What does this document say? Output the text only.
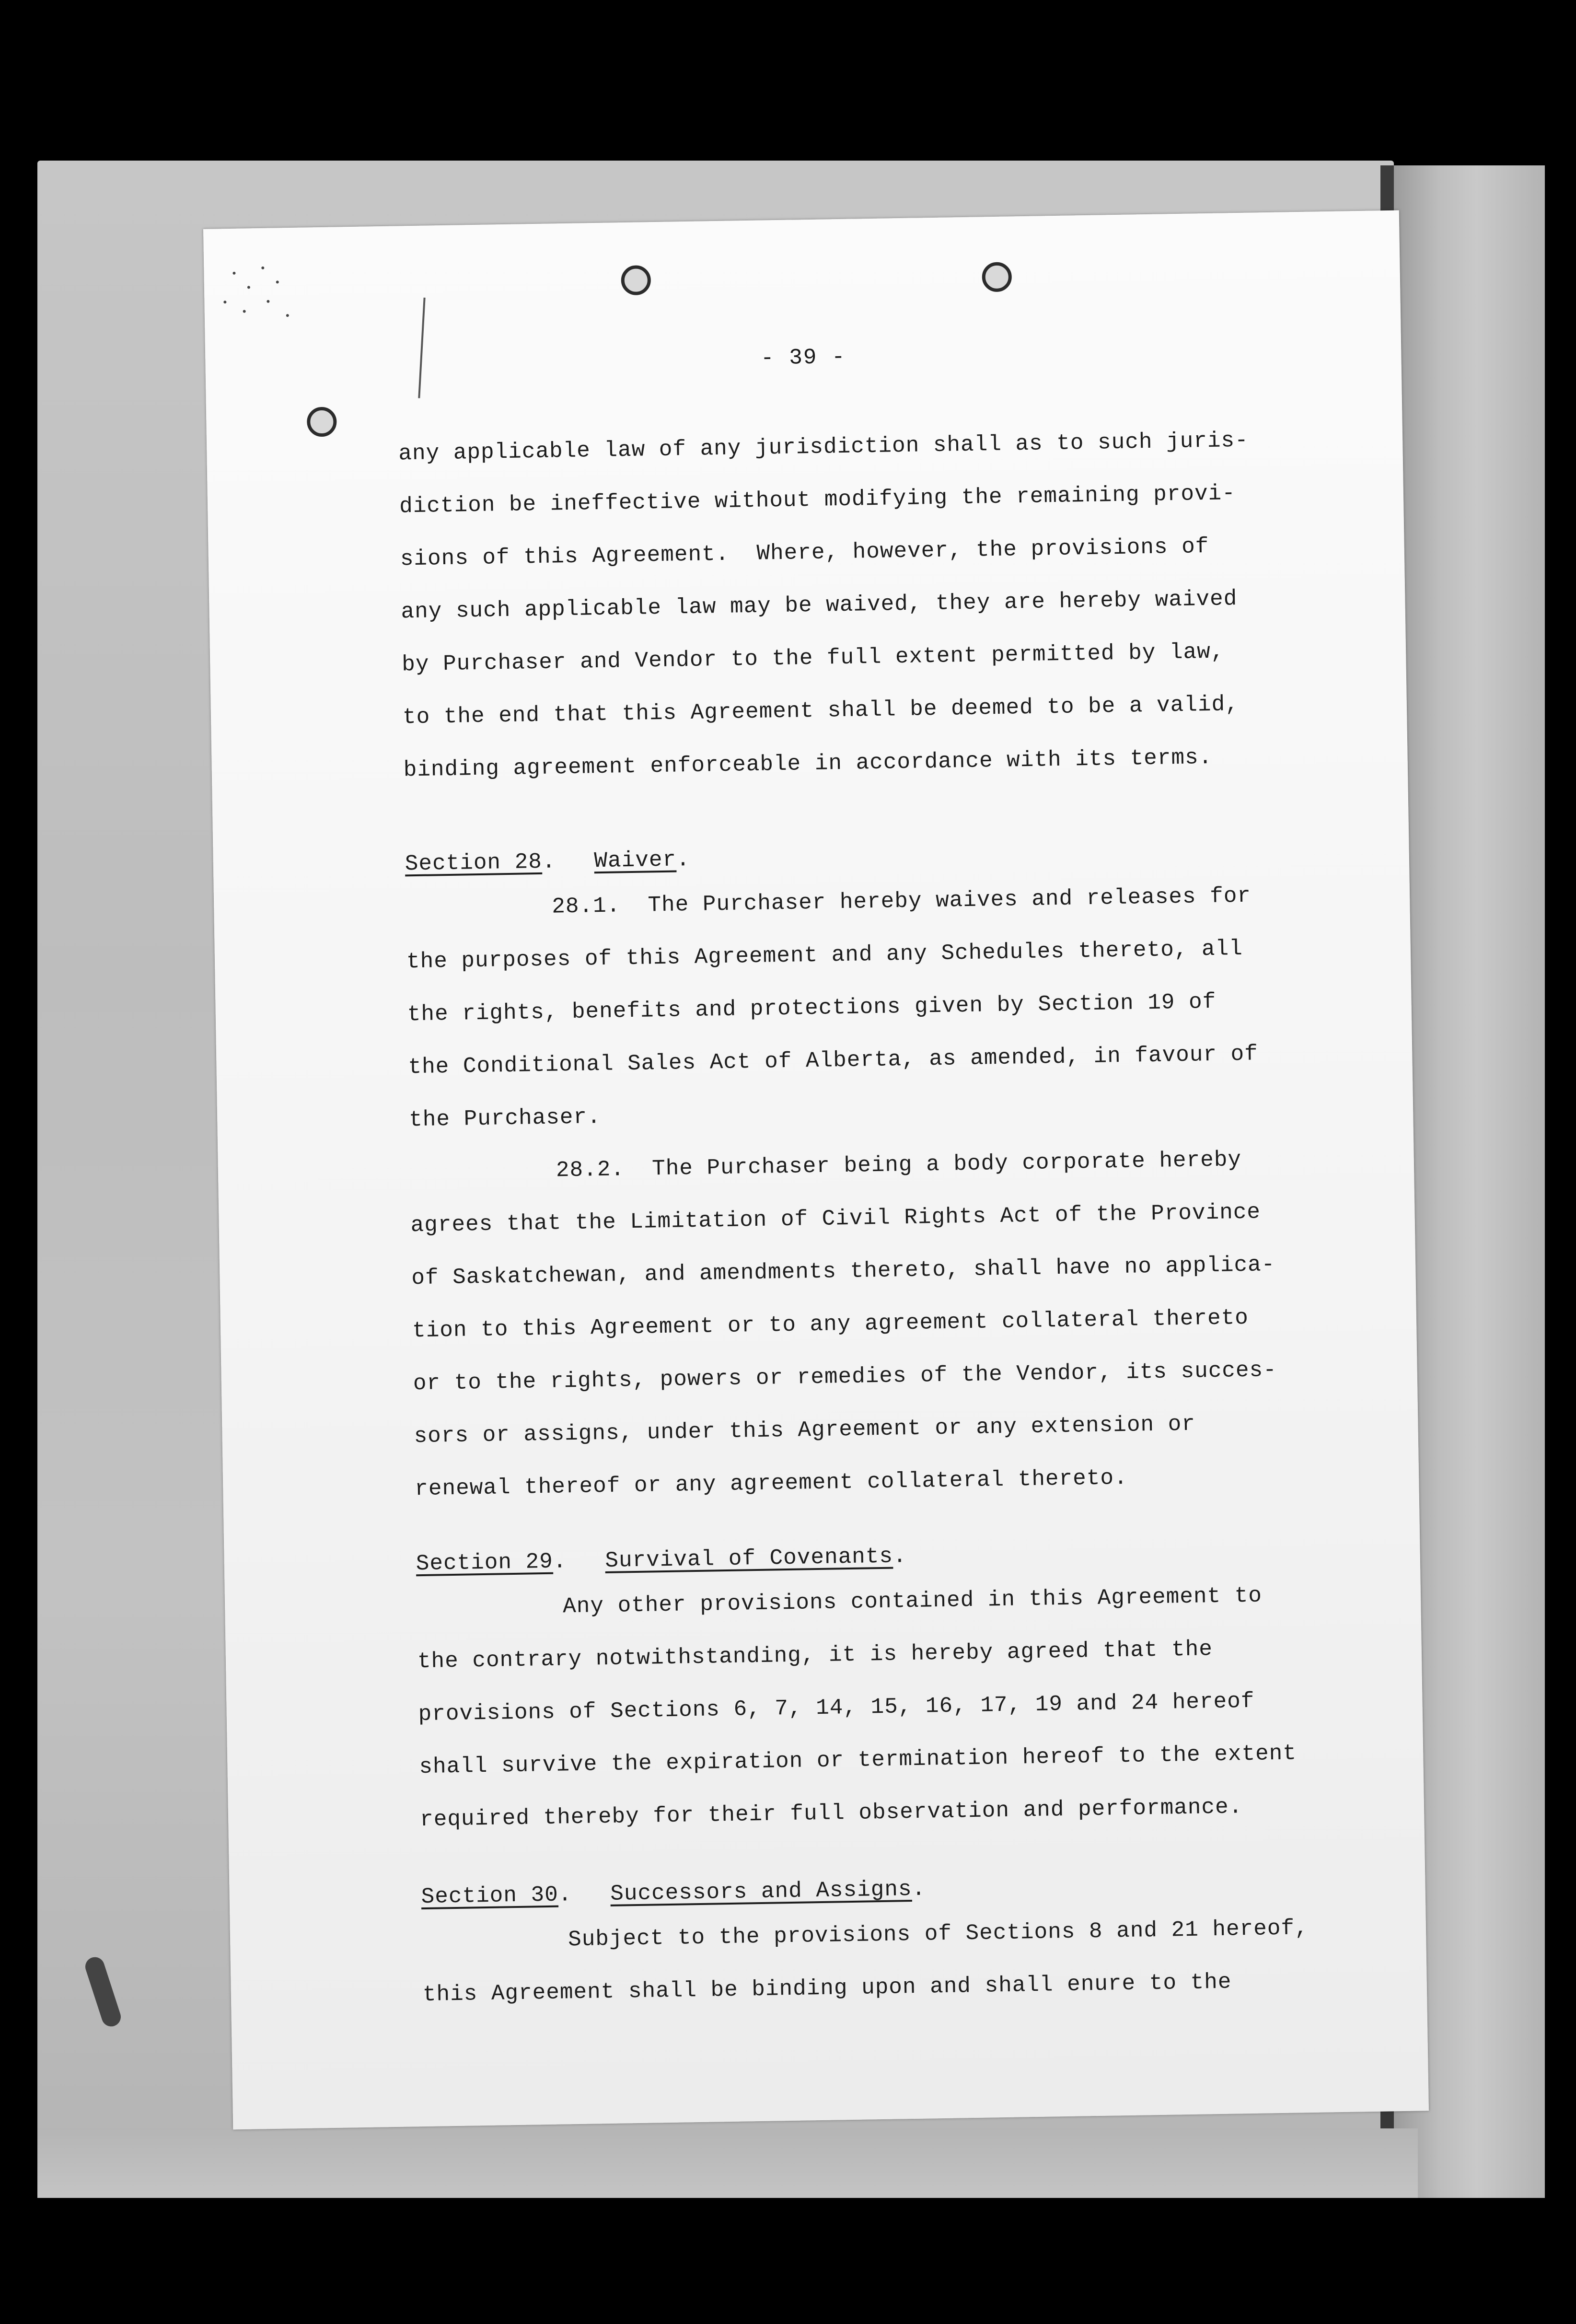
- 39 -
any applicable law of any jurisdiction shall as to such juris-
diction be ineffective without modifying the remaining provi-
sions of this Agreement.  Where, however, the provisions of
any such applicable law may be waived, they are hereby waived
by Purchaser and Vendor to the full extent permitted by law,
to the end that this Agreement shall be deemed to be a valid,
binding agreement enforceable in accordance with its terms.
Section 28. Waiver.
28.1.  The Purchaser hereby waives and releases for
the purposes of this Agreement and any Schedules thereto, all
the rights, benefits and protections given by Section 19 of
the Conditional Sales Act of Alberta, as amended, in favour of
the Purchaser.
28.2.  The Purchaser being a body corporate hereby
agrees that the Limitation of Civil Rights Act of the Province
of Saskatchewan, and amendments thereto, shall have no applica-
tion to this Agreement or to any agreement collateral thereto
or to the rights, powers or remedies of the Vendor, its succes-
sors or assigns, under this Agreement or any extension or
renewal thereof or any agreement collateral thereto.
Section 29. Survival of Covenants.
Any other provisions contained in this Agreement to
the contrary notwithstanding, it is hereby agreed that the
provisions of Sections 6, 7, 14, 15, 16, 17, 19 and 24 hereof
shall survive the expiration or termination hereof to the extent
required thereby for their full observation and performance.
Section 30. Successors and Assigns.
Subject to the provisions of Sections 8 and 21 hereof,
this Agreement shall be binding upon and shall enure to the
